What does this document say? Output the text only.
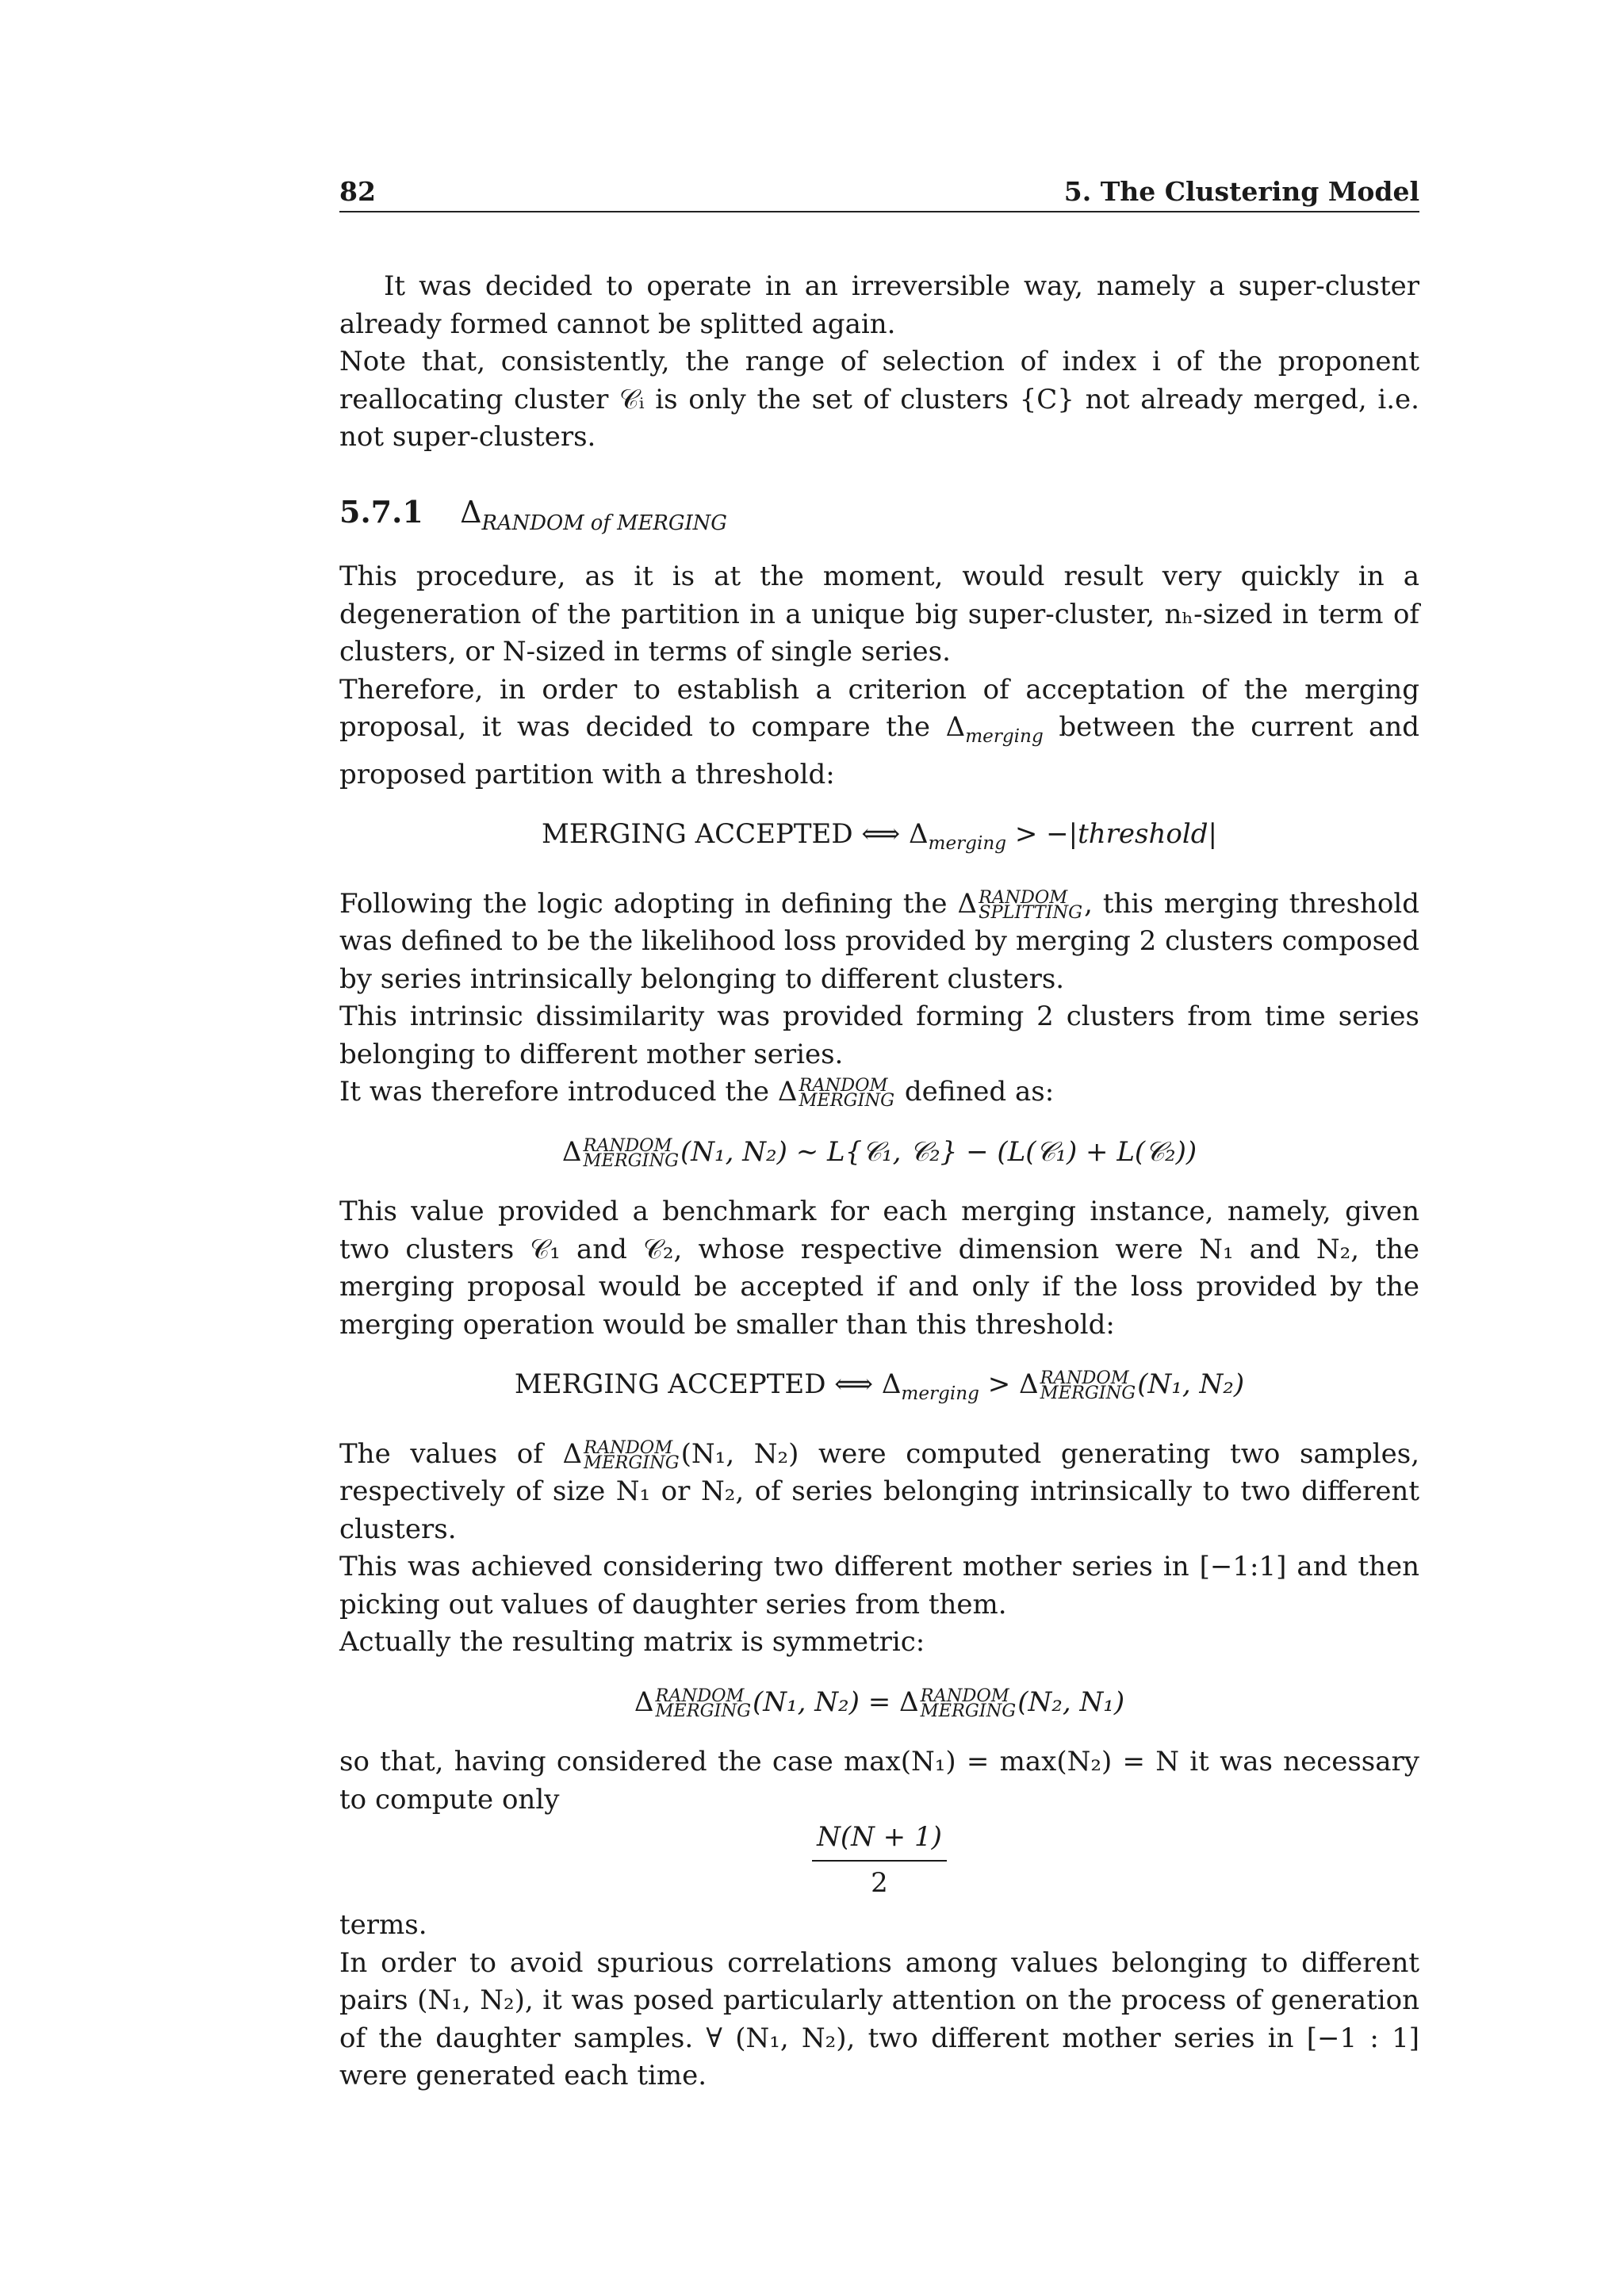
82	5. The Clustering Model

It was decided to operate in an irreversible way, namely a super-cluster already formed cannot be splitted again.

Note that, consistently, the range of selection of index i of the proponent reallocating cluster 𝒞ᵢ is only the set of clusters {C} not already merged, i.e. not super-clusters.

5.7.1 $\Delta_{RANDOM of MERGING}$

This procedure, as it is at the moment, would result very quickly in a degeneration of the partition in a unique big super-cluster, nₕ-sized in term of clusters, or N-sized in terms of single series.

Therefore, in order to establish a criterion of acceptation of the merging proposal, it was decided to compare the $\Delta_{merging}$ between the current and proposed partition with a threshold:

MERGING ACCEPTED ⟺ $\Delta_{merging}$ > −|threshold|

Following the logic adopting in defining the Δ RANDOM
SPLITTING , this merging threshold was defined to be the likelihood loss provided by merging 2 clusters composed by series intrinsically belonging to different clusters.

This intrinsic dissimilarity was provided forming 2 clusters from time series belonging to different mother series.

It was therefore introduced the Δ RANDOM
MERGING defined as:

Δ RANDOM
MERGING (N₁, N₂) ∼ L{𝒞₁, 𝒞₂} − (L(𝒞₁) + L(𝒞₂))

This value provided a benchmark for each merging instance, namely, given two clusters 𝒞₁ and 𝒞₂, whose respective dimension were N₁ and N₂, the merging proposal would be accepted if and only if the loss provided by the merging operation would be smaller than this threshold:

MERGING ACCEPTED ⟺ $\Delta_{merging} > \Delta$ RANDOM
MERGING (N₁, N₂)

The values of Δ RANDOM
MERGING (N₁, N₂) were computed generating two samples, respectively of size N₁ or N₂, of series belonging intrinsically to two different clusters.

This was achieved considering two different mother series in [−1:1] and then picking out values of daughter series from them.

Actually the resulting matrix is symmetric:

Δ RANDOM
MERGING (N₁, N₂) = Δ RANDOM
MERGING (N₂, N₁)

so that, having considered the case max(N₁) = max(N₂) = N it was necessary to compute only

$\frac{N(N + 1)}{2}$

terms.

In order to avoid spurious correlations among values belonging to different pairs (N₁, N₂), it was posed particularly attention on the process of generation of the daughter samples. ∀ (N₁, N₂), two different mother series in [−1 : 1] were generated each time.
